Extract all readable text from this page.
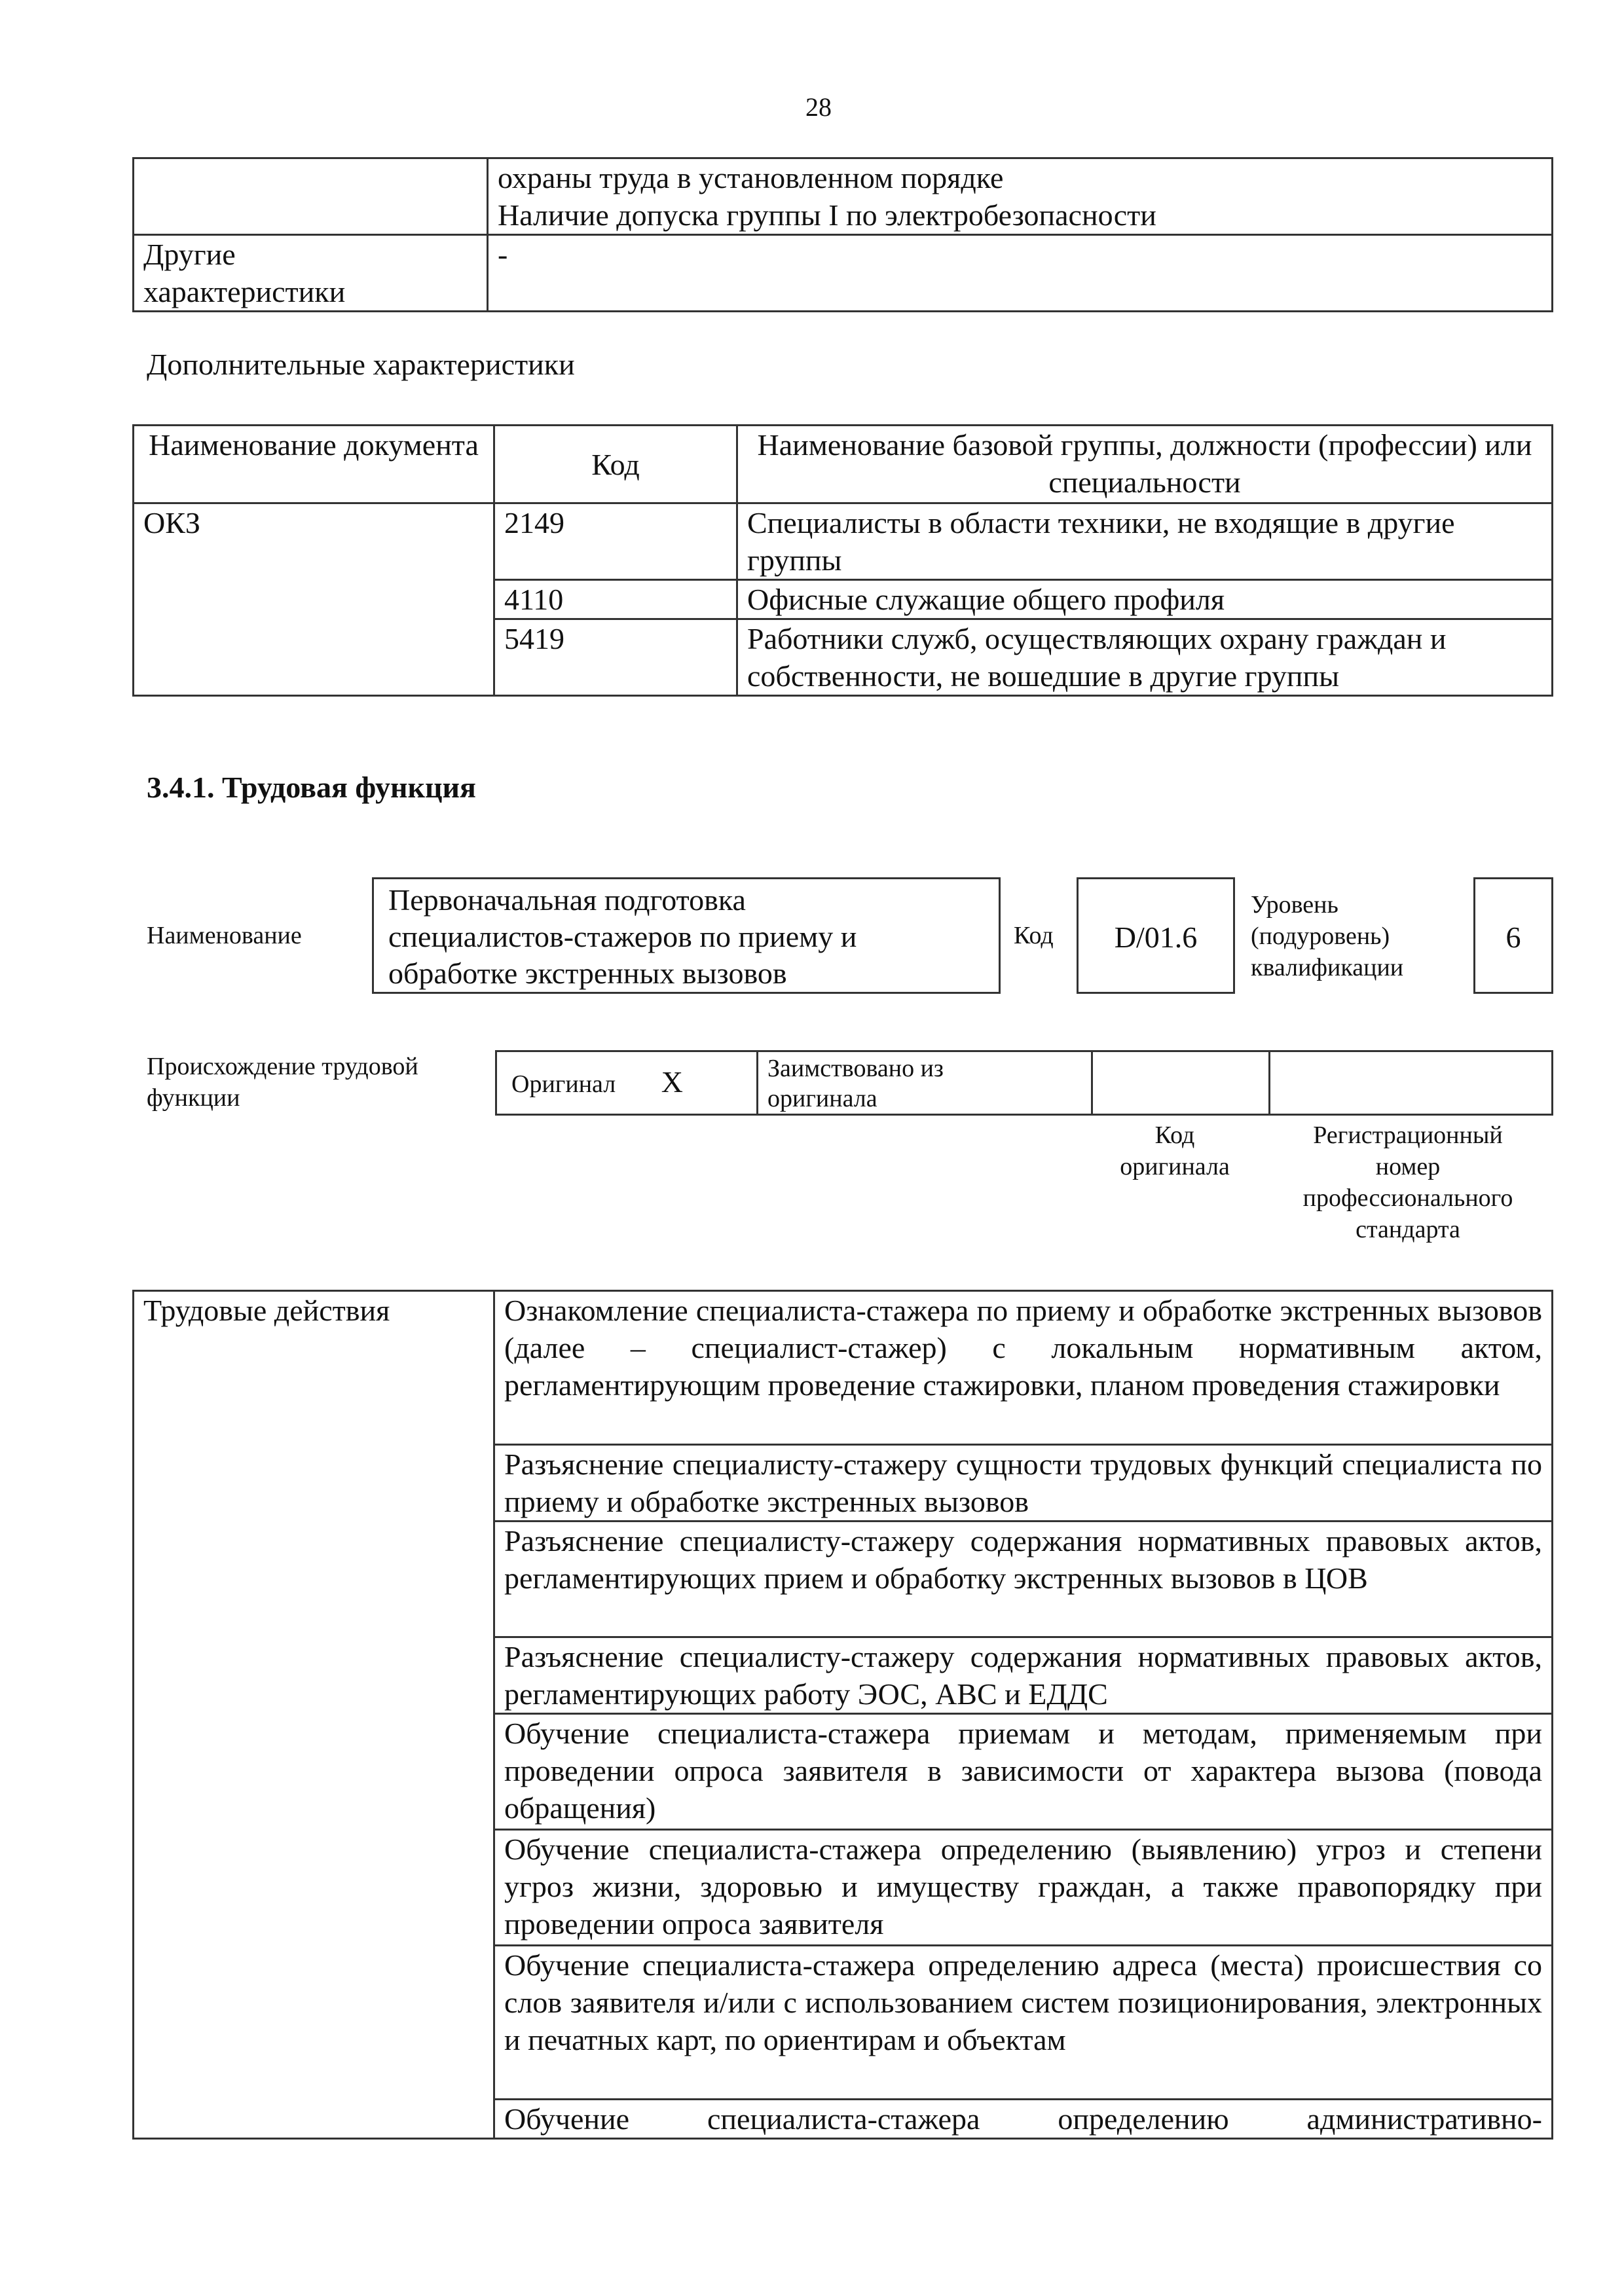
28

	охраны труда в установленном порядке
Наличие допуска группы I по электробезопасности

Другие
характеристики	-
Дополнительные характеристики
Наименование документа	Код	Наименование базовой группы, должности (профессии) или специальности
ОКЗ	2149	Специалисты в области техники, не входящие в другие группы
	4110	Офисные служащие общего профиля
	5419	Работники служб, осуществляющих охрану граждан и собственности, не вошедшие в другие группы
3.4.1. Трудовая функция
Наименование
Первоначальная подготовка
специалистов-стажеров по приему и
обработке экстренных вызовов
Код	D/01.6
Уровень
(подуровень)
квалификации
6
Происхождение трудовой
функции
Оригинал X	Заимствовано из
оригинала

Код
оригинала
Регистрационный
номер
профессионального
стандарта
Трудовые действия	Ознакомление специалиста-стажера по приему и обработке экстренных вызовов (далее – специалист-стажер) с локальным нормативным актом, регламентирующим проведение стажировки, планом проведения стажировки
Разъяснение специалисту-стажеру сущности трудовых функций специалиста по приему и обработке экстренных вызовов
Разъяснение специалисту-стажеру содержания нормативных правовых актов, регламентирующих прием и обработку экстренных вызовов в ЦОВ
Разъяснение специалисту-стажеру содержания нормативных правовых актов, регламентирующих работу ЭОС, АВС и ЕДДС
Обучение специалиста-стажера приемам и методам, применяемым при проведении опроса заявителя в зависимости от характера вызова (повода обращения)
Обучение специалиста-стажера определению (выявлению) угроз и степени угроз жизни, здоровью и имуществу граждан, а также правопорядку при проведении опроса заявителя
Обучение специалиста-стажера определению адреса (места) происшествия со слов заявителя и/или с использованием систем позиционирования, электронных и печатных карт, по ориентирам и объектам
Обучение специалиста-стажера определению административно-
